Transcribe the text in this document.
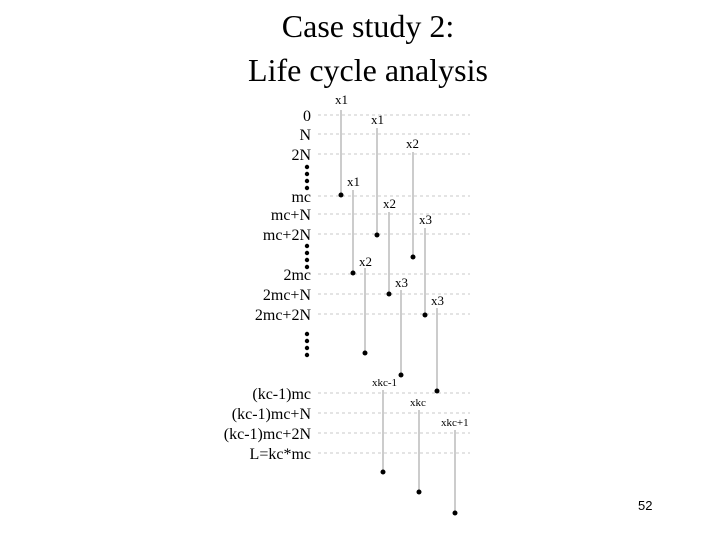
Case study 2:
Life cycle analysis
0
N
2N
mc
mc+N
mc+2N
2mc
2mc+N
2mc+2N
(kc-1)mc
(kc-1)mc+N
(kc-1)mc+2N
L=kc*mc
x1
x1
x2
x1
x2
x3
x2
x3
x3
xkc-1
xkc
xkc+1
52
